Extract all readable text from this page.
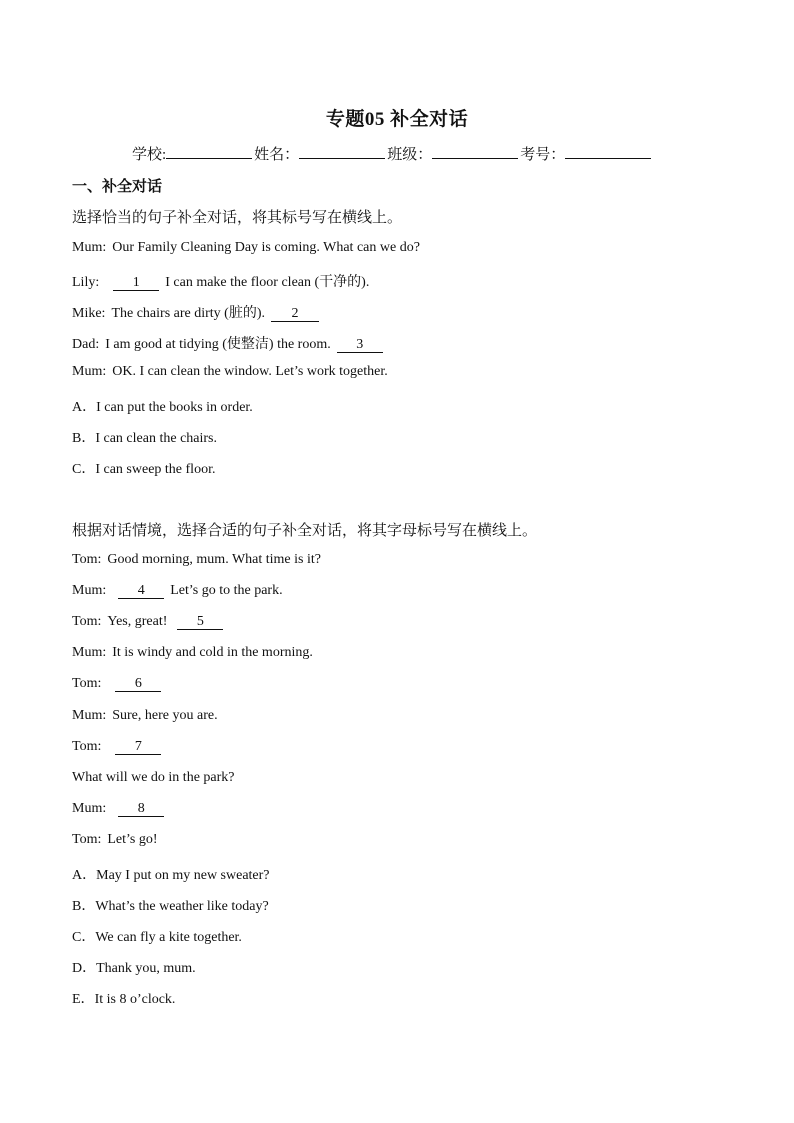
专题05 补全对话
学校:	姓名：	班级：	考号：
一、补全对话
选择恰当的句子补全对话，将其标号写在横线上。
Mum: Our Family Cleaning Day is coming. What can we do?
Lily: 1 I can make the floor clean (干净的).
Mike: The chairs are dirty (脏的). 2
Dad: I am good at tidying (使整洁) the room. 3
Mum: OK. I can clean the window. Let’s work together.
A．I can put the books in order.
B．I can clean the chairs.
C．I can sweep the floor.
根据对话情境，选择合适的句子补全对话，将其字母标号写在横线上。
Tom: Good morning, mum. What time is it?
Mum: 4 Let’s go to the park.
Tom: Yes, great! 5
Mum: It is windy and cold in the morning.
Tom: 6
Mum: Sure, here you are.
Tom: 7
What will we do in the park?
Mum: 8
Tom: Let’s go!
A．May I put on my new sweater?
B．What’s the weather like today?
C．We can fly a kite together.
D．Thank you, mum.
E．It is 8 o’clock.
